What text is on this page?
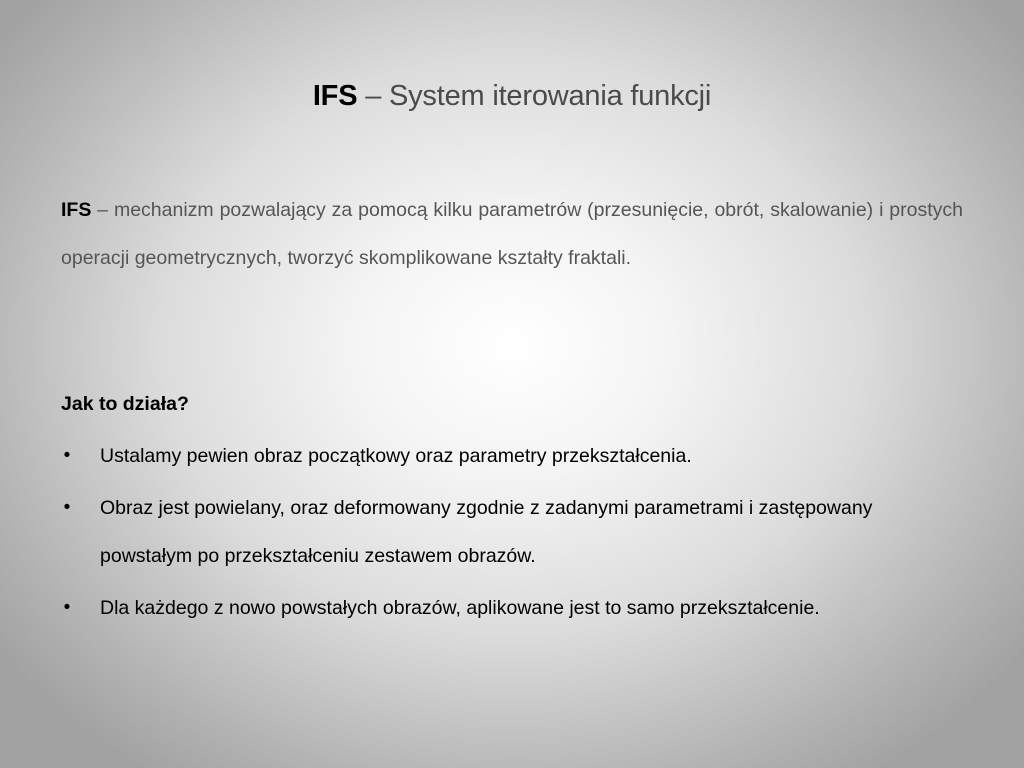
IFS – System iterowania funkcji
IFS – mechanizm pozwalający za pomocą kilku parametrów (przesunięcie, obrót, skalowanie) i prostych operacji geometrycznych, tworzyć skomplikowane kształty fraktali.
Jak to działa?
• Ustalamy pewien obraz początkowy oraz parametry przekształcenia.
• Obraz jest powielany, oraz deformowany zgodnie z zadanymi parametrami i zastępowany powstałym po przekształceniu zestawem obrazów.
• Dla każdego z nowo powstałych obrazów, aplikowane jest to samo przekształcenie.
